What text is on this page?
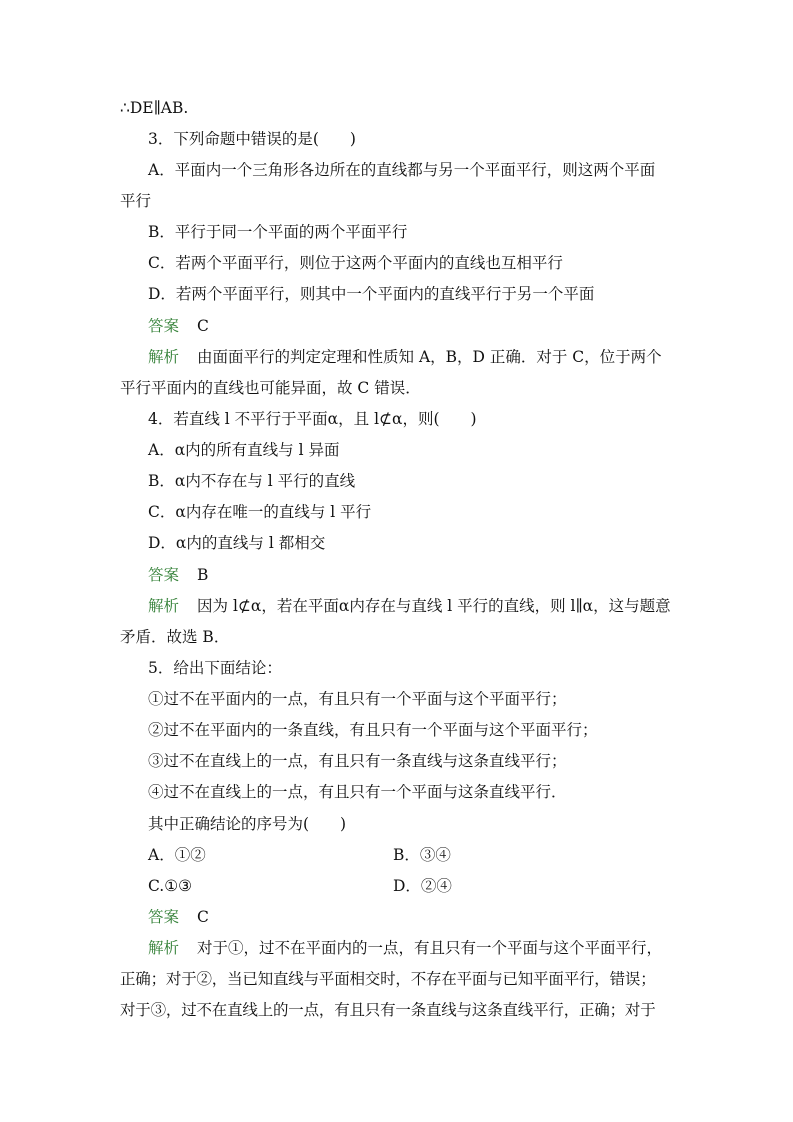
∴DE∥AB.
3．下列命题中错误的是(　　)
A．平面内一个三角形各边所在的直线都与另一个平面平行，则这两个平面
平行
B．平行于同一个平面的两个平面平行
C．若两个平面平行，则位于这两个平面内的直线也互相平行
D．若两个平面平行，则其中一个平面内的直线平行于另一个平面
答案 C
解析 由面面平行的判定定理和性质知 A，B，D 正确．对于 C，位于两个
平行平面内的直线也可能异面，故 C 错误．
4．若直线 l 不平行于平面α，且 l⊄α，则(　　)
A．α内的所有直线与 l 异面
B．α内不存在与 l 平行的直线
C．α内存在唯一的直线与 l 平行
D．α内的直线与 l 都相交
答案 B
解析 因为 l⊄α，若在平面α内存在与直线 l 平行的直线，则 l∥α，这与题意
矛盾．故选 B．
5．给出下面结论：
①过不在平面内的一点，有且只有一个平面与这个平面平行；
②过不在平面内的一条直线，有且只有一个平面与这个平面平行；
③过不在直线上的一点，有且只有一条直线与这条直线平行；
④过不在直线上的一点，有且只有一个平面与这条直线平行．
其中正确结论的序号为(　　)
A．①②	B．③④
C.①③	D．②④
答案 C
解析 对于①，过不在平面内的一点，有且只有一个平面与这个平面平行，
正确；对于②，当已知直线与平面相交时，不存在平面与已知平面平行，错误；
对于③，过不在直线上的一点，有且只有一条直线与这条直线平行，正确；对于
